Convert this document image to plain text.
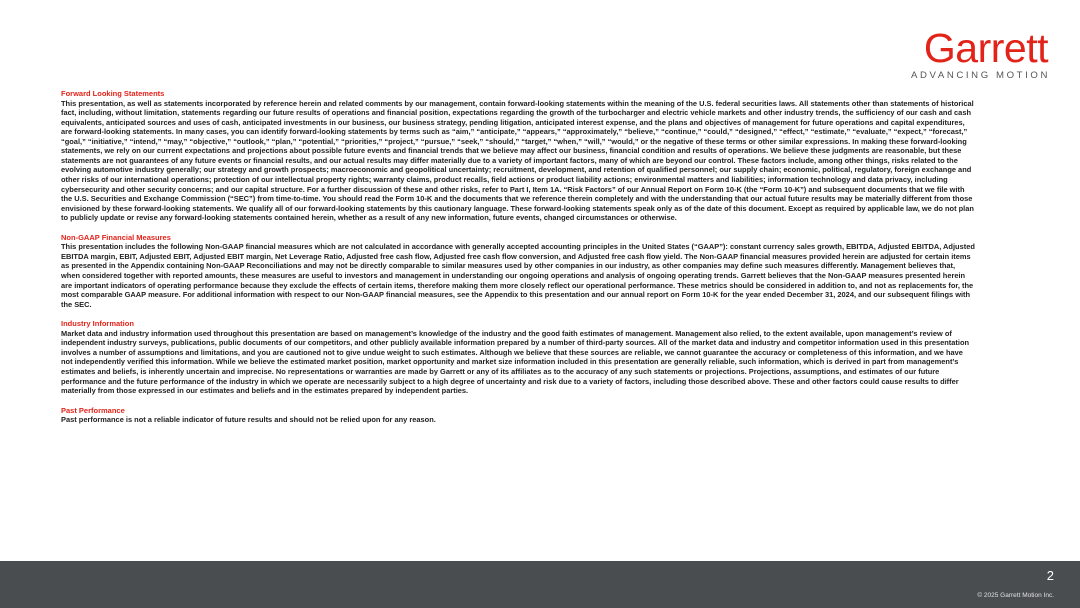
Garrett
ADVANCING MOTION
Forward Looking Statements
This presentation, as well as statements incorporated by reference herein and related comments by our management, contain forward-looking statements within the meaning of the U.S. federal securities laws. All statements other than statements of historical fact, including, without limitation, statements regarding our future results of operations and financial position, expectations regarding the growth of the turbocharger and electric vehicle markets and other industry trends, the sufficiency of our cash and cash equivalents, anticipated sources and uses of cash, anticipated investments in our business, our business strategy, pending litigation, anticipated interest expense, and the plans and objectives of management for future operations and capital expenditures, are forward-looking statements. In many cases, you can identify forward-looking statements by terms such as “aim,” “anticipate,” “appears,” “approximately,” “believe,” “continue,” “could,” “designed,” “effect,” “estimate,” “evaluate,” “expect,” “forecast,” “goal,” “initiative,” “intend,” “may,” “objective,” “outlook,” “plan,” “potential,” “priorities,” “project,” “pursue,” “seek,” “should,” “target,” “when,” “will,” “would,” or the negative of these terms or other similar expressions. In making these forward-looking statements, we rely on our current expectations and projections about possible future events and financial trends that we believe may affect our business, financial condition and results of operations. We believe these judgments are reasonable, but these statements are not guarantees of any future events or financial results, and our actual results may differ materially due to a variety of important factors, many of which are beyond our control. These factors include, among other things, risks related to the evolving automotive industry generally; our strategy and growth prospects; macroeconomic and geopolitical uncertainty; recruitment, development, and retention of qualified personnel; our supply chain; economic, political, regulatory, foreign exchange and other risks of our international operations; protection of our intellectual property rights; warranty claims, product recalls, field actions or product liability actions; environmental matters and liabilities; information technology and data privacy, including cybersecurity and other security concerns; and our capital structure. For a further discussion of these and other risks, refer to Part I, Item 1A. “Risk Factors” of our Annual Report on Form 10-K (the “Form 10-K”) and subsequent documents that we file with the U.S. Securities and Exchange Commission (“SEC”) from time-to-time. You should read the Form 10-K and the documents that we reference therein completely and with the understanding that our actual future results may be materially different from those envisioned by these forward-looking statements. We qualify all of our forward-looking statements by this cautionary language. These forward-looking statements speak only as of the date of this document. Except as required by applicable law, we do not plan to publicly update or revise any forward-looking statements contained herein, whether as a result of any new information, future events, changed circumstances or otherwise.
Non-GAAP Financial Measures
This presentation includes the following Non-GAAP financial measures which are not calculated in accordance with generally accepted accounting principles in the United States (“GAAP”): constant currency sales growth, EBITDA, Adjusted EBITDA, Adjusted EBITDA margin, EBIT, Adjusted EBIT, Adjusted EBIT margin, Net Leverage Ratio, Adjusted free cash flow, Adjusted free cash flow conversion, and Adjusted free cash flow yield. The Non-GAAP financial measures provided herein are adjusted for certain items as presented in the Appendix containing Non-GAAP Reconciliations and may not be directly comparable to similar measures used by other companies in our industry, as other companies may define such measures differently. Management believes that, when considered together with reported amounts, these measures are useful to investors and management in understanding our ongoing operations and analysis of ongoing operating trends. Garrett believes that the Non-GAAP measures presented herein are important indicators of operating performance because they exclude the effects of certain items, therefore making them more closely reflect our operational performance. These metrics should be considered in addition to, and not as replacements for, the most comparable GAAP measure. For additional information with respect to our Non-GAAP financial measures, see the Appendix to this presentation and our annual report on Form 10-K for the year ended December 31, 2024, and our subsequent filings with the SEC.
Industry Information
Market data and industry information used throughout this presentation are based on management’s knowledge of the industry and the good faith estimates of management. Management also relied, to the extent available, upon management’s review of independent industry surveys, publications, public documents of our competitors, and other publicly available information prepared by a number of third-party sources. All of the market data and industry and competitor information used in this presentation involves a number of assumptions and limitations, and you are cautioned not to give undue weight to such estimates. Although we believe that these sources are reliable, we cannot guarantee the accuracy or completeness of this information, and we have not independently verified this information. While we believe the estimated market position, market opportunity and market size information included in this presentation are generally reliable, such information, which is derived in part from management’s estimates and beliefs, is inherently uncertain and imprecise. No representations or warranties are made by Garrett or any of its affiliates as to the accuracy of any such statements or projections. Projections, assumptions, and estimates of our future performance and the future performance of the industry in which we operate are necessarily subject to a high degree of uncertainty and risk due to a variety of factors, including those described above. These and other factors could cause results to differ materially from those expressed in our estimates and beliefs and in the estimates prepared by independent parties.
Past Performance
Past performance is not a reliable indicator of future results and should not be relied upon for any reason.
2
© 2025 Garrett Motion Inc.
